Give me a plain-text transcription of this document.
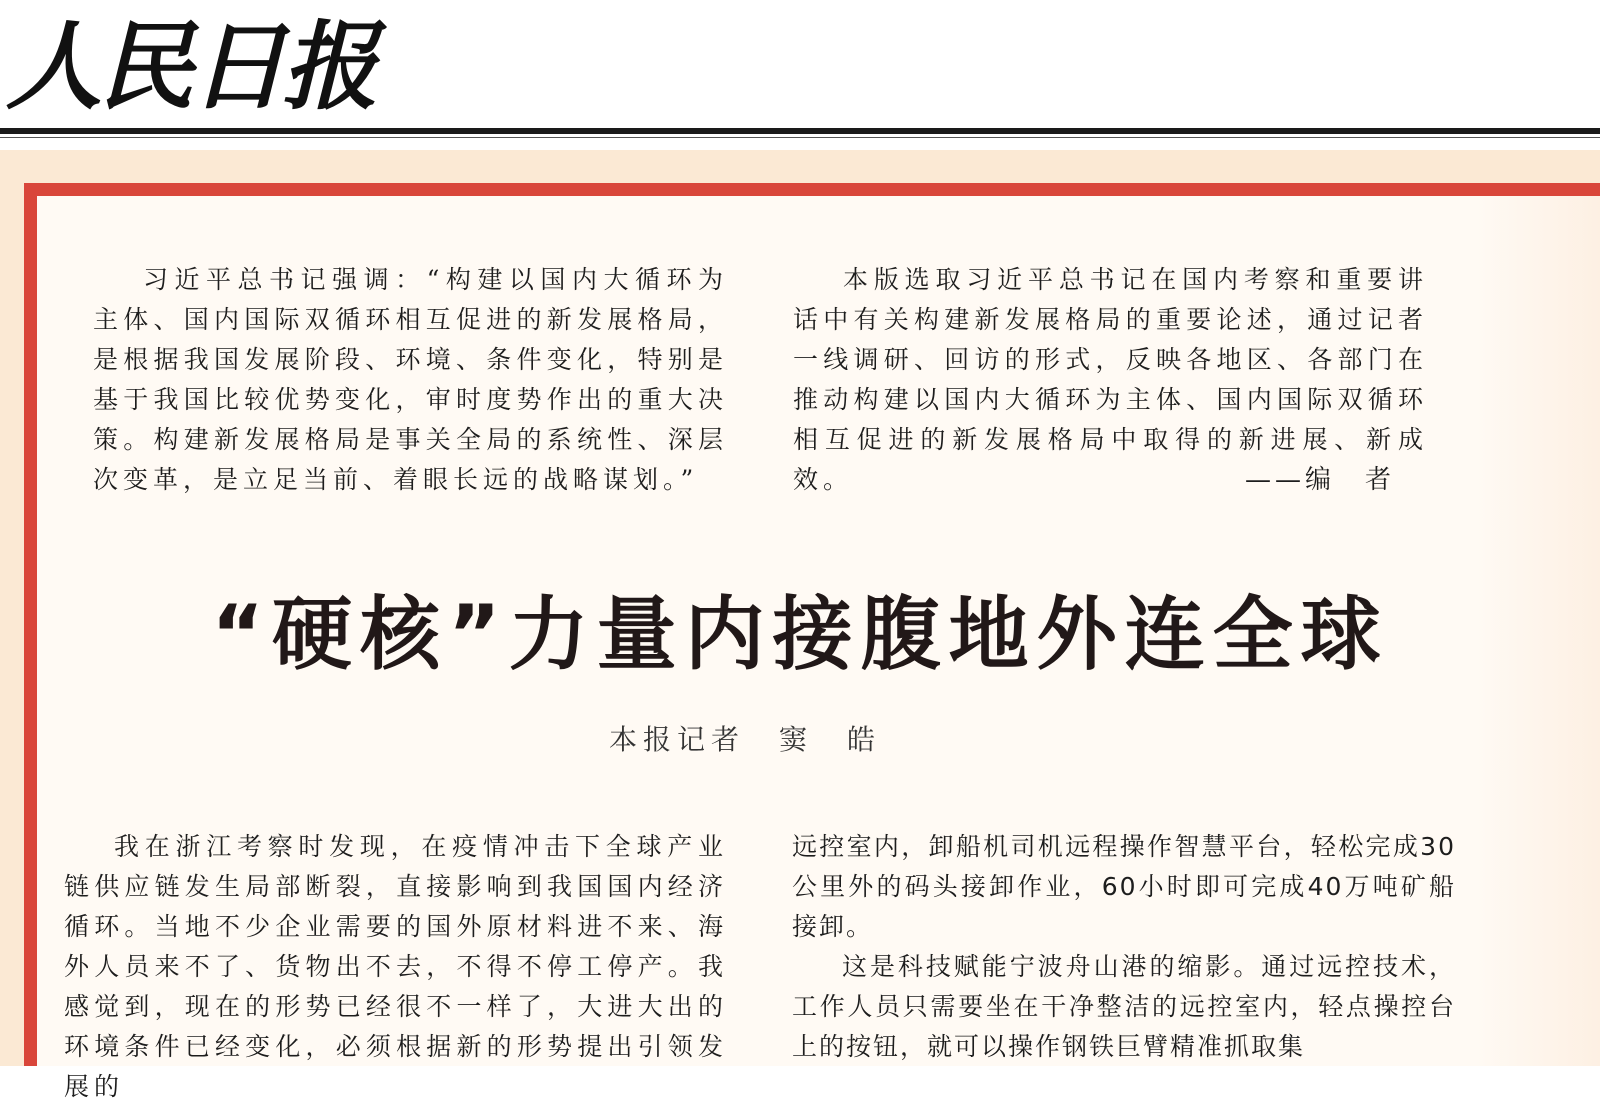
人民日报

习近平总书记强调：“构建以国内大循环为主体、国内国际双循环相互促进的新发展格局，是根据我国发展阶段、环境、条件变化，特别是基于我国比较优势变化，审时度势作出的重大决策。构建新发展格局是事关全局的系统性、深层次变革，是立足当前、着眼长远的战略谋划。”

本版选取习近平总书记在国内考察和重要讲话中有关构建新发展格局的重要论述，通过记者一线调研、回访的形式，反映各地区、各部门在推动构建以国内大循环为主体、国内国际双循环相互促进的新发展格局中取得的新进展、新成效。	——编　者
“硬核”力量内接腹地外连全球
本报记者　窦　皓

我在浙江考察时发现，在疫情冲击下全球产业链供应链发生局部断裂，直接影响到我国国内经济循环。当地不少企业需要的国外原材料进不来、海外人员来不了、货物出不去，不得不停工停产。我感觉到，现在的形势已经很不一样了，大进大出的环境条件已经变化，必须根据新的形势提出引领发展的

远控室内，卸船机司机远程操作智慧平台，轻松完成30公里外的码头接卸作业，60小时即可完成40万吨矿船接卸。

这是科技赋能宁波舟山港的缩影。通过远控技术，工作人员只需要坐在干净整洁的远控室内，轻点操控台上的按钮，就可以操作钢铁巨臂精准抓取集
